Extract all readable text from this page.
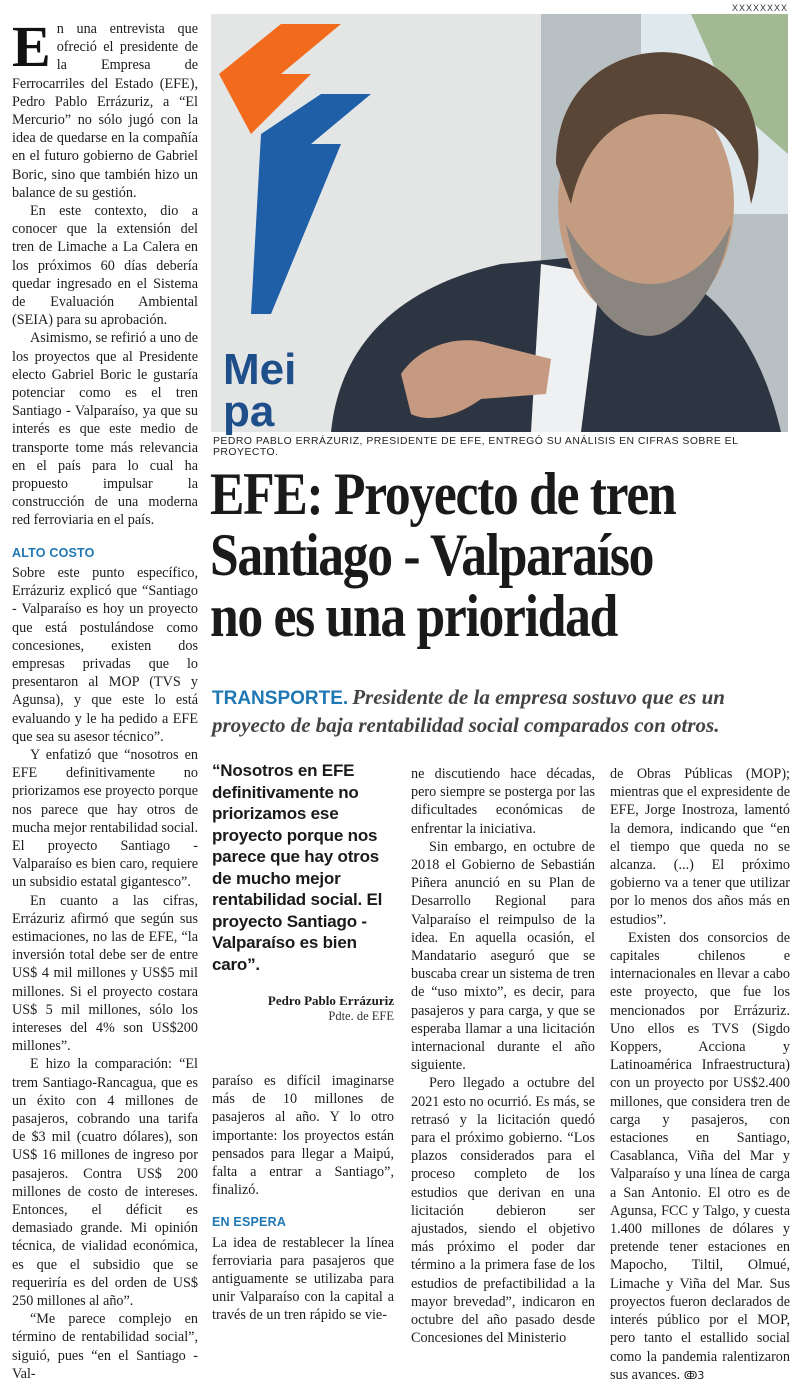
XXXXXXXX

En una entrevista que ofreció el presidente de la Empresa de Ferrocarriles del Estado (EFE), Pedro Pablo Errázuriz, a “El Mercurio” no sólo jugó con la idea de quedarse en la compañía en el futuro gobierno de Gabriel Boric, sino que también hizo un balance de su gestión.

En este contexto, dio a conocer que la extensión del tren de Limache a La Calera en los próximos 60 días debería quedar ingresado en el Sistema de Evaluación Ambiental (SEIA) para su aprobación.

Asimismo, se refirió a uno de los proyectos que al Presidente electo Gabriel Boric le gustaría potenciar como es el tren Santiago - Valparaíso, ya que su interés es que este medio de transporte tome más relevancia en el país para lo cual ha propuesto impulsar la construcción de una moderna red ferroviaria en el país.

ALTO COSTO

Sobre este punto específico, Errázuriz explicó que “Santiago - Valparaíso es hoy un proyecto que está postulándose como concesiones, existen dos empresas privadas que lo presentaron al MOP (TVS y Agunsa), y que este lo está evaluando y le ha pedido a EFE que sea su asesor técnico”.

Y enfatizó que “nosotros en EFE definitivamente no priorizamos ese proyecto porque nos parece que hay otros de mucha mejor rentabilidad social. El proyecto Santiago - Valparaíso es bien caro, requiere un subsidio estatal gigantesco”.

En cuanto a las cifras, Errázuriz afirmó que según sus estimaciones, no las de EFE, “la inversión total debe ser de entre US$ 4 mil millones y US$5 mil millones. Si el proyecto costara US$ 5 mil millones, sólo los intereses del 4% son US$200 millones”.

E hizo la comparación: “El trem Santiago-Rancagua, que es un éxito con 4 millones de pasajeros, cobrando una tarifa de $3 mil (cuatro dólares), son US$ 16 millones de ingreso por pasajeros. Contra US$ 200 millones de costo de intereses. Entonces, el déficit es demasiado grande. Mi opinión técnica, de vialidad económica, es que el subsidio que se requeriría es del orden de US$ 250 millones al año”.

“Me parece complejo en término de rentabilidad social”, siguió, pues “en el Santiago - Val-

Mei
pa
PEDRO PABLO ERRÁZURIZ, PRESIDENTE DE EFE, ENTREGÓ SU ANÁLISIS EN CIFRAS SOBRE EL PROYECTO.
EFE: Proyecto de tren
Santiago - Valparaíso
no es una prioridad
TRANSPORTE. Presidente de la empresa sostuvo que es un proyecto de baja rentabilidad social comparados con otros.
“Nosotros en EFE definitivamente no priorizamos ese proyecto porque nos parece que hay otros de mucho mejor rentabilidad social. El proyecto Santiago - Valparaíso es bien caro”.
Pedro Pablo Errázuriz
Pdte. de EFE

paraíso es difícil imaginarse más de 10 millones de pasajeros al año. Y lo otro importante: los proyectos están pensados para llegar a Maipú, falta a entrar a Santiago”, finalizó.

EN ESPERA

La idea de restablecer la línea ferroviaria para pasajeros que antiguamente se utilizaba para unir Valparaíso con la capital a través de un tren rápido se vie-

ne discutiendo hace décadas, pero siempre se posterga por las dificultades económicas de enfrentar la iniciativa.

Sin embargo, en octubre de 2018 el Gobierno de Sebastián Piñera anunció en su Plan de Desarrollo Regional para Valparaíso el reimpulso de la idea. En aquella ocasión, el Mandatario aseguró que se buscaba crear un sistema de tren de “uso mixto”, es decir, para pasajeros y para carga, y que se esperaba llamar a una licitación internacional durante el año siguiente.

Pero llegado a octubre del 2021 esto no ocurrió. Es más, se retrasó y la licitación quedó para el próximo gobierno. “Los plazos considerados para el proceso completo de los estudios que derivan en una licitación debieron ser ajustados, siendo el objetivo más próximo el poder dar término a la primera fase de los estudios de prefactibilidad a la mayor brevedad”, indicaron en octubre del año pasado desde Concesiones del Ministerio

de Obras Públicas (MOP); mientras que el expresidente de EFE, Jorge Inostroza, lamentó la demora, indicando que “en el tiempo que queda no se alcanza. (...) El próximo gobierno va a tener que utilizar por lo menos dos años más en estudios”.

Existen dos consorcios de capitales chilenos e internacionales en llevar a cabo este proyecto, que fue los mencionados por Errázuriz. Uno ellos es TVS (Sigdo Koppers, Acciona y Latinoamérica Infraestructura) con un proyecto por US$2.400 millones, que considera tren de carga y pasajeros, con estaciones en Santiago, Casablanca, Viña del Mar y Valparaíso y una línea de carga a San Antonio. El otro es de Agunsa, FCC y Talgo, y cuesta 1.400 millones de dólares y pretende tener estaciones en Mapocho, Tiltil, Olmué, Limache y Viña del Mar. Sus proyectos fueron declarados de interés público por el MOP, pero tanto el estallido social como la pandemia ralentizaron sus avances. ↂ3
